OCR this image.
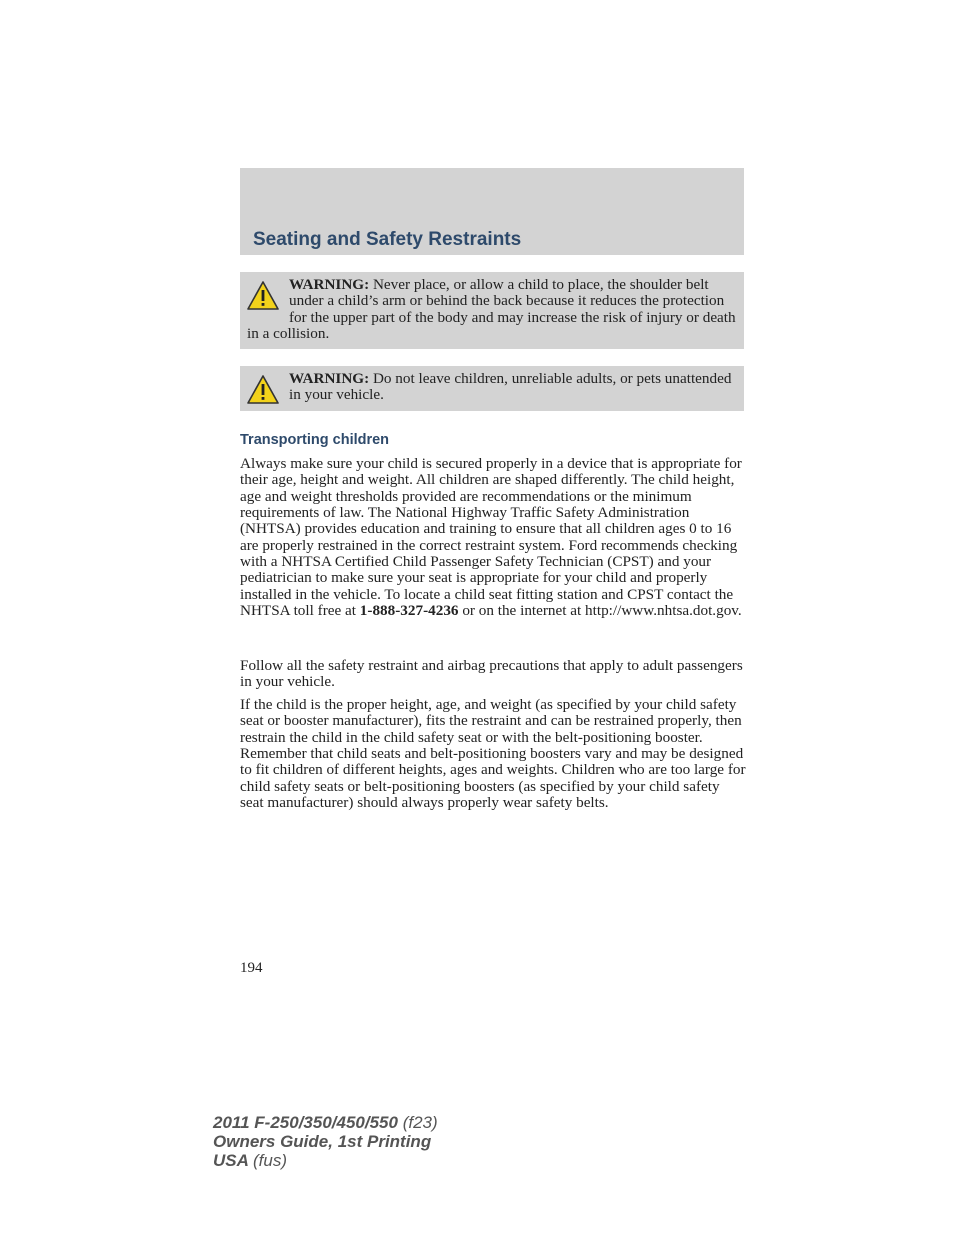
Seating and Safety Restraints
WARNING: Never place, or allow a child to place, the shoulder belt under a child’s arm or behind the back because it reduces the protection for the upper part of the body and may increase the risk of injury or death in a collision.
WARNING: Do not leave children, unreliable adults, or pets unattended in your vehicle.
Transporting children

Always make sure your child is secured properly in a device that is appropriate for their age, height and weight. All children are shaped differently. The child height, age and weight thresholds provided are recommendations or the minimum requirements of law. The National Highway Traffic Safety Administration (NHTSA) provides education and training to ensure that all children ages 0 to 16 are properly restrained in the correct restraint system. Ford recommends checking with a NHTSA Certified Child Passenger Safety Technician (CPST) and your pediatrician to make sure your seat is appropriate for your child and properly installed in the vehicle. To locate a child seat fitting station and CPST contact the NHTSA toll free at 1-888-327-4236 or on the internet at http://www.nhtsa.dot.gov.

Follow all the safety restraint and airbag precautions that apply to adult passengers in your vehicle.

If the child is the proper height, age, and weight (as specified by your child safety seat or booster manufacturer), fits the restraint and can be restrained properly, then restrain the child in the child safety seat or with the belt-positioning booster. Remember that child seats and belt-positioning boosters vary and may be designed to fit children of different heights, ages and weights. Children who are too large for child safety seats or belt-positioning boosters (as specified by your child safety seat manufacturer) should always properly wear safety belts.

194
2011 F-250/350/450/550 (f23)
Owners Guide, 1st Printing
USA (fus)
